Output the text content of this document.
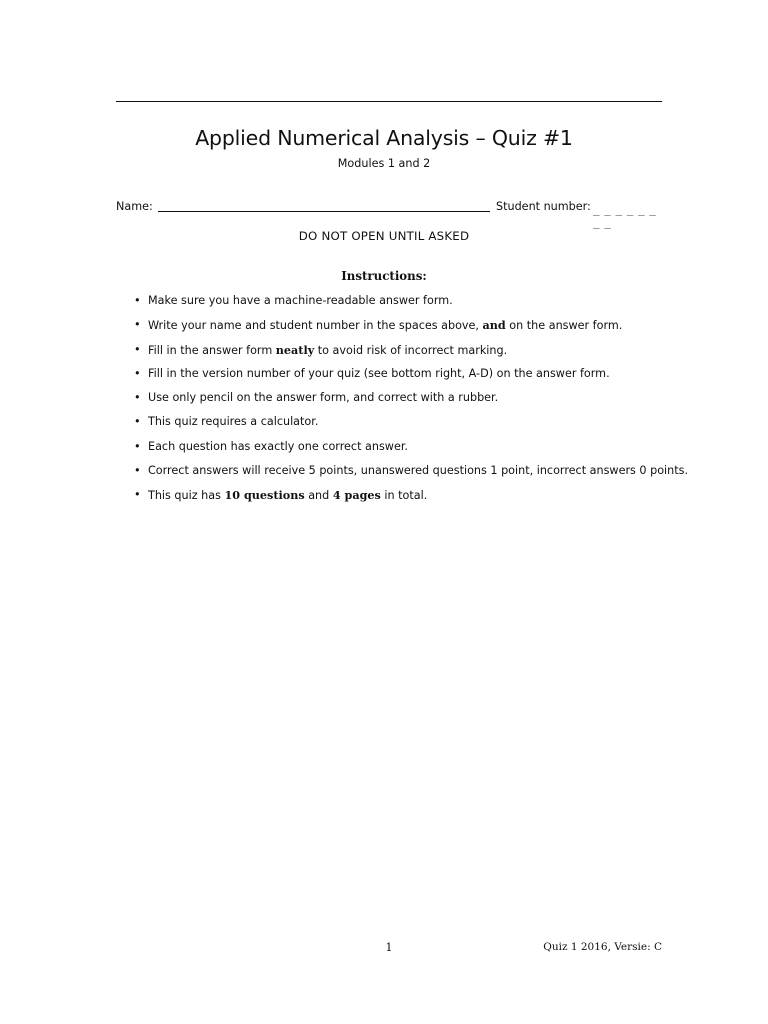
Applied Numerical Analysis – Quiz #1
Modules 1 and 2
Name:	Student number: _ _ _ _ _ _ _ _
DO NOT OPEN UNTIL ASKED
Instructions:
• Make sure you have a machine-readable answer form.
• Write your name and student number in the spaces above, and on the answer form.
• Fill in the answer form neatly to avoid risk of incorrect marking.
• Fill in the version number of your quiz (see bottom right, A-D) on the answer form.
• Use only pencil on the answer form, and correct with a rubber.
• This quiz requires a calculator.
• Each question has exactly one correct answer.
• Correct answers will receive 5 points, unanswered questions 1 point, incorrect answers 0 points.
• This quiz has 10 questions and 4 pages in total.
1	Quiz 1 2016, Versie: C
